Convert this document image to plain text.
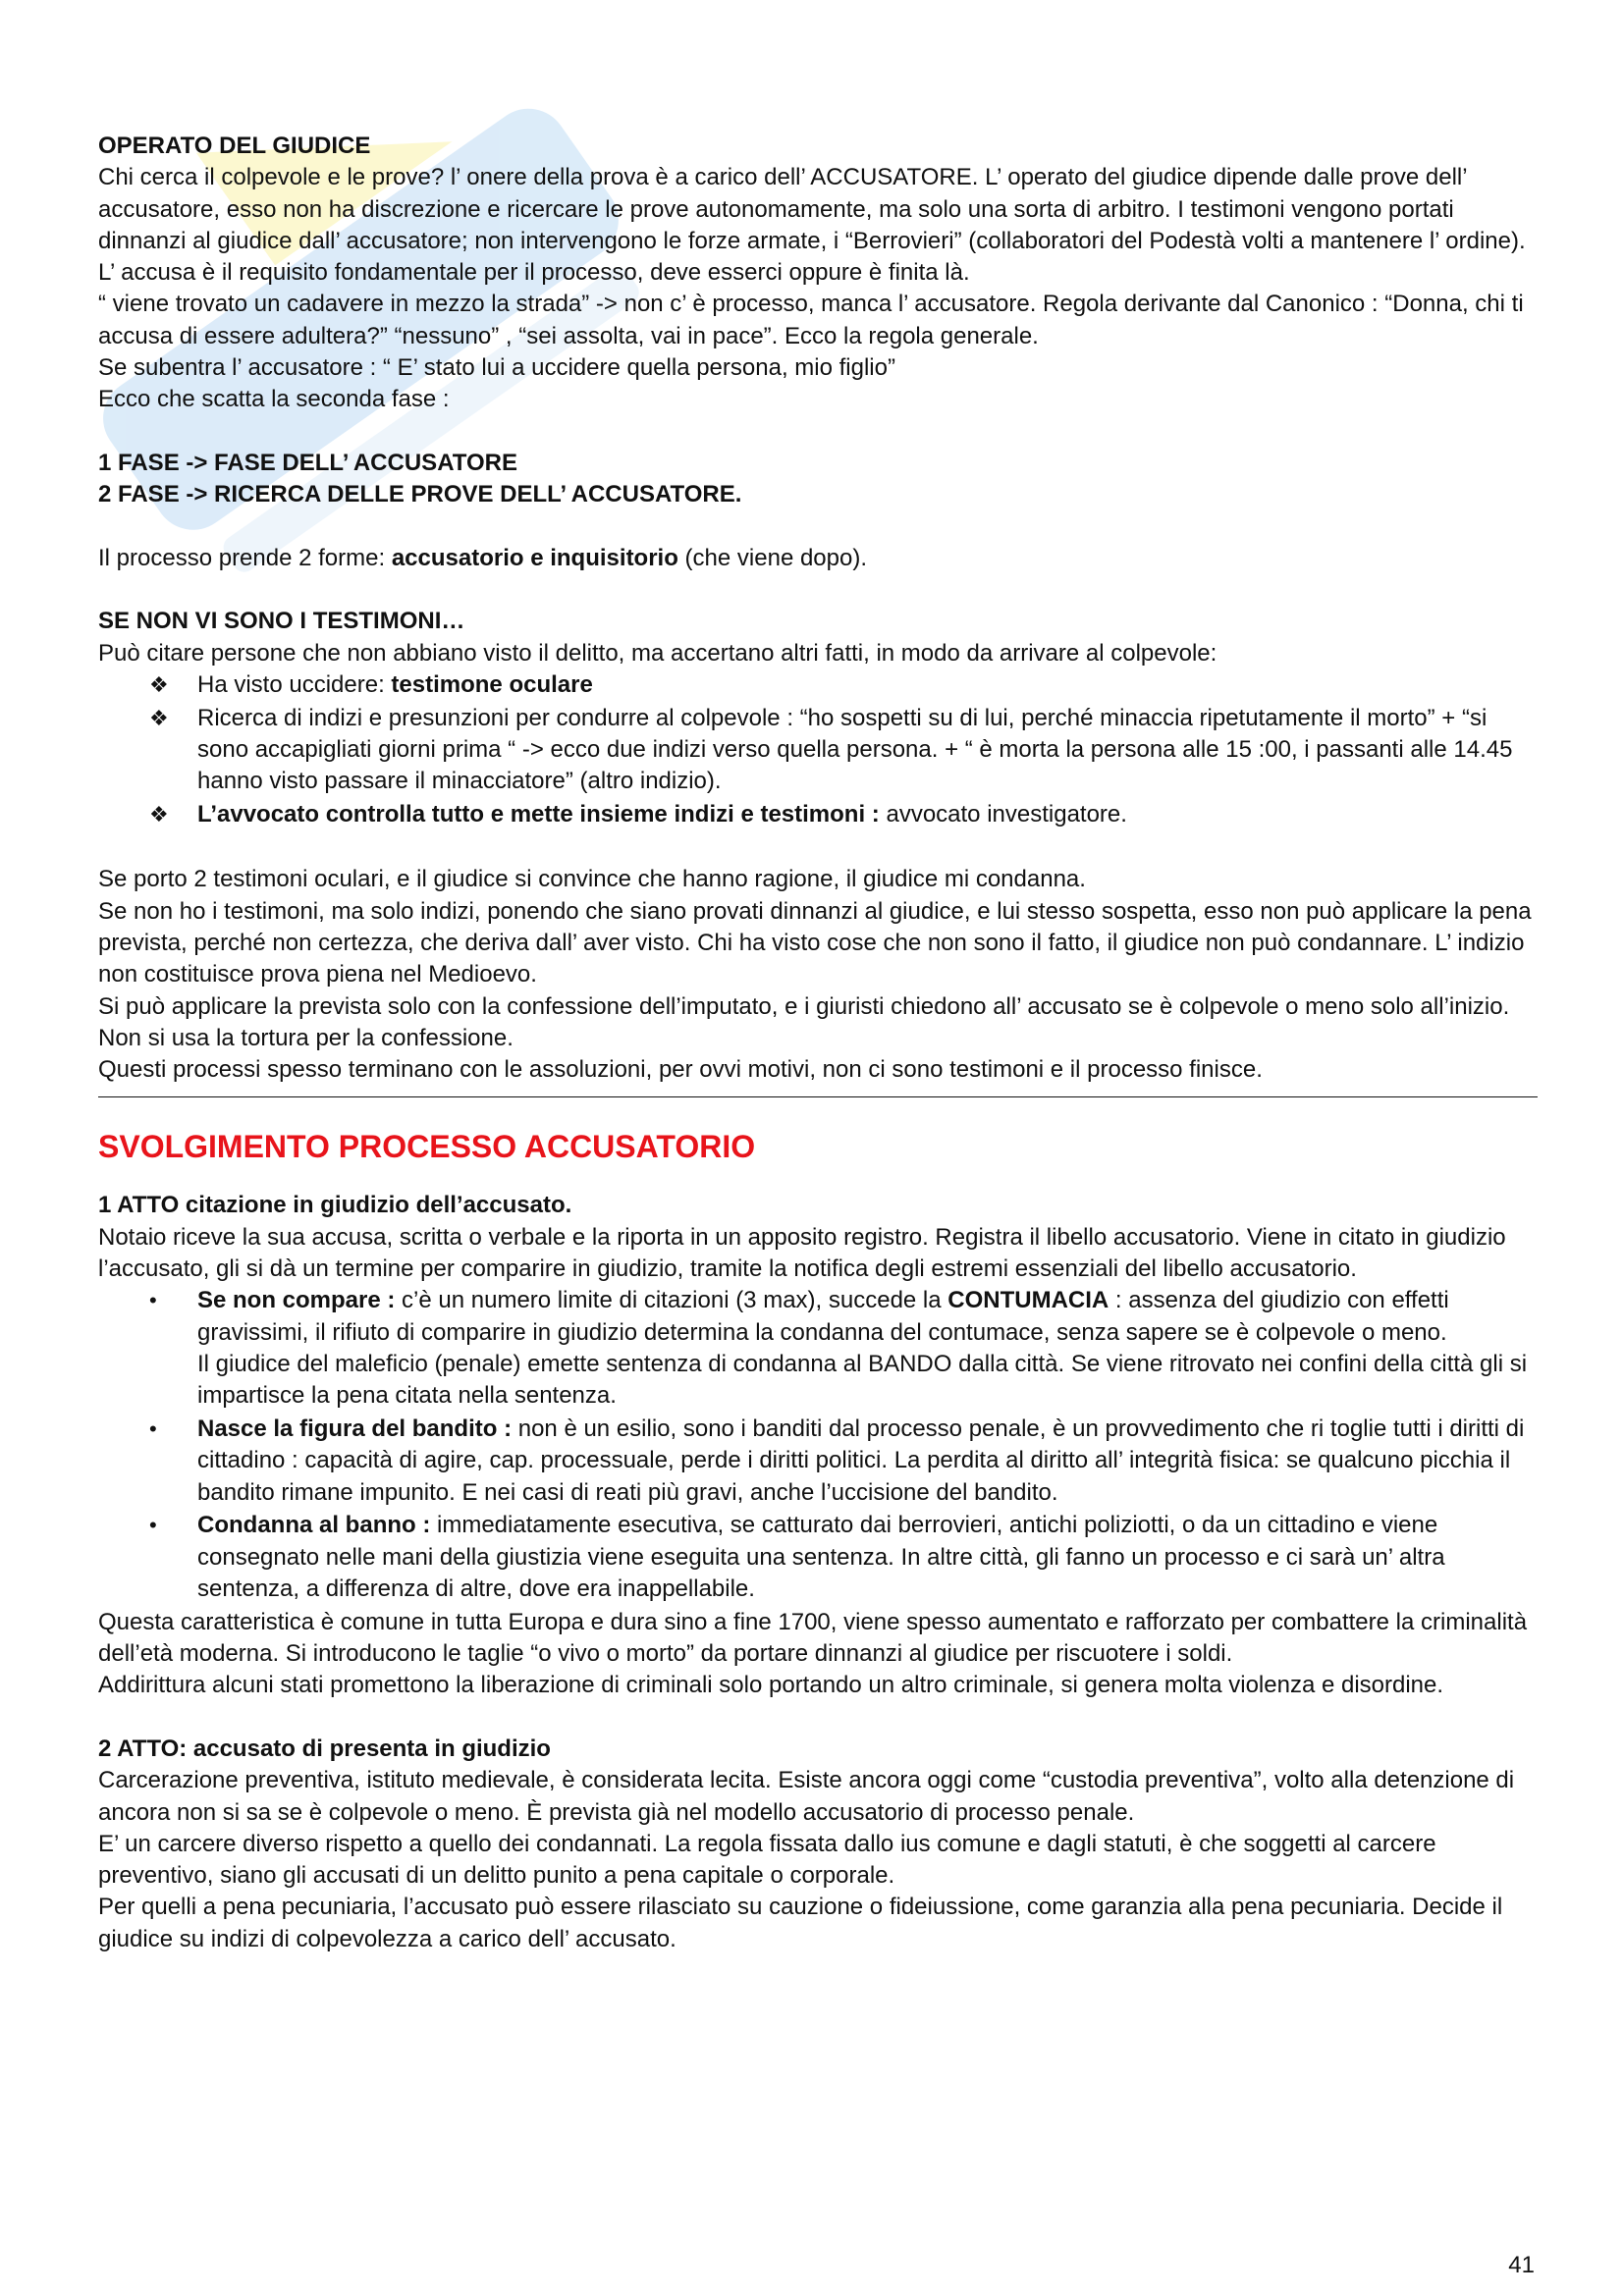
OPERATO DEL GIUDICE

Chi cerca il colpevole e le prove? l’ onere della prova è a carico dell’ ACCUSATORE. L’ operato del giudice dipende dalle prove dell’ accusatore, esso non ha discrezione e ricercare le prove autonomamente, ma solo una sorta di arbitro. I testimoni vengono portati dinnanzi al giudice dall’ accusatore; non intervengono le forze armate, i “Berrovieri” (collaboratori del Podestà volti a mantenere l’ ordine).

L’ accusa è il requisito fondamentale per il processo, deve esserci oppure è finita là.

“ viene trovato un cadavere in mezzo la strada” -> non c’ è processo, manca l’ accusatore. Regola derivante dal Canonico : “Donna, chi ti accusa di essere adultera?” “nessuno” , “sei assolta, vai in pace”. Ecco la regola generale.

Se subentra l’ accusatore : “ E’ stato lui a uccidere quella persona, mio figlio”

Ecco che scatta la seconda fase :

1 FASE -> FASE DELL’ ACCUSATORE

2 FASE -> RICERCA DELLE PROVE DELL’ ACCUSATORE.

Il processo prende 2 forme: accusatorio e inquisitorio (che viene dopo).

SE NON VI SONO I TESTIMONI…

Può citare persone che non abbiano visto il delitto, ma accertano altri fatti, in modo da arrivare al colpevole:

❖ Ha visto uccidere: testimone oculare
❖ Ricerca di indizi e presunzioni per condurre al colpevole : “ho sospetti su di lui, perché minaccia ripetutamente il morto” + “si sono accapigliati giorni prima “ -> ecco due indizi verso quella persona. + “ è morta la persona alle 15 :00, i passanti alle 14.45 hanno visto passare il minacciatore” (altro indizio).
❖ L’avvocato controlla tutto e mette insieme indizi e testimoni : avvocato investigatore.

Se porto 2 testimoni oculari, e il giudice si convince che hanno ragione, il giudice mi condanna.

Se non ho i testimoni, ma solo indizi, ponendo che siano provati dinnanzi al giudice, e lui stesso sospetta, esso non può applicare la pena prevista, perché non certezza, che deriva dall’ aver visto. Chi ha visto cose che non sono il fatto, il giudice non può condannare. L’ indizio non costituisce prova piena nel Medioevo.

Si può applicare la prevista solo con la confessione dell’imputato, e i giuristi chiedono all’ accusato se è colpevole o meno solo all’inizio. Non si usa la tortura per la confessione.

Questi processi spesso terminano con le assoluzioni, per ovvi motivi, non ci sono testimoni e il processo finisce.

SVOLGIMENTO PROCESSO ACCUSATORIO

1 ATTO citazione in giudizio dell’accusato.

Notaio riceve la sua accusa, scritta o verbale e la riporta in un apposito registro. Registra il libello accusatorio. Viene in citato in giudizio l’accusato, gli si dà un termine per comparire in giudizio, tramite la notifica degli estremi essenziali del libello accusatorio.

• Se non compare : c’è un numero limite di citazioni (3 max), succede la CONTUMACIA : assenza del giudizio con effetti gravissimi, il rifiuto di comparire in giudizio determina la condanna del contumace, senza sapere se è colpevole o meno.
Il giudice del maleficio (penale) emette sentenza di condanna al BANDO dalla città. Se viene ritrovato nei confini della città gli si impartisce la pena citata nella sentenza.
• Nasce la figura del bandito : non è un esilio, sono i banditi dal processo penale, è un provvedimento che ri toglie tutti i diritti di cittadino : capacità di agire, cap. processuale, perde i diritti politici. La perdita al diritto all’ integrità fisica: se qualcuno picchia il bandito rimane impunito. E nei casi di reati più gravi, anche l’uccisione del bandito.
• Condanna al banno : immediatamente esecutiva, se catturato dai berrovieri, antichi poliziotti, o da un cittadino e viene consegnato nelle mani della giustizia viene eseguita una sentenza. In altre città, gli fanno un processo e ci sarà un’ altra sentenza, a differenza di altre, dove era inappellabile.

Questa caratteristica è comune in tutta Europa e dura sino a fine 1700, viene spesso aumentato e rafforzato per combattere la criminalità dell’età moderna. Si introducono le taglie “o vivo o morto” da portare dinnanzi al giudice per riscuotere i soldi.

Addirittura alcuni stati promettono la liberazione di criminali solo portando un altro criminale, si genera molta violenza e disordine.

2 ATTO: accusato di presenta in giudizio

Carcerazione preventiva, istituto medievale, è considerata lecita. Esiste ancora oggi come “custodia preventiva”, volto alla detenzione di ancora non si sa se è colpevole o meno. È prevista già nel modello accusatorio di processo penale.

E’ un carcere diverso rispetto a quello dei condannati. La regola fissata dallo ius comune e dagli statuti, è che soggetti al carcere preventivo, siano gli accusati di un delitto punito a pena capitale o corporale.

Per quelli a pena pecuniaria, l’accusato può essere rilasciato su cauzione o fideiussione, come garanzia alla pena pecuniaria. Decide il giudice su indizi di colpevolezza a carico dell’ accusato.

41
